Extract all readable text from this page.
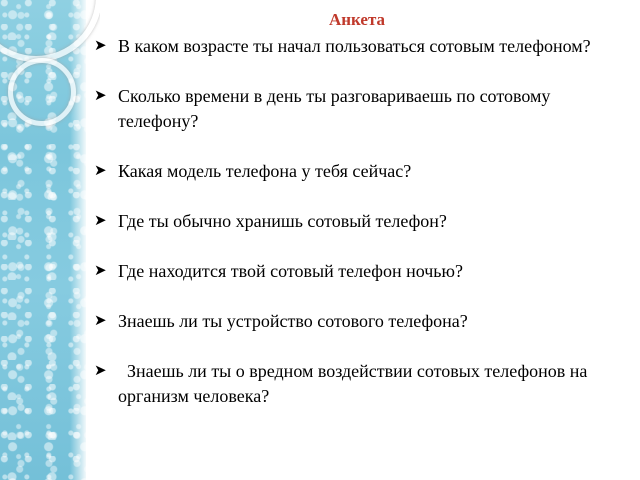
Анкета
➤ В каком возрасте ты начал пользоваться сотовым телефоном?
➤ Сколько времени в день ты разговариваешь по сотовому телефону?
➤ Какая модель телефона у тебя сейчас?
➤ Где ты обычно хранишь сотовый телефон?
➤ Где находится твой сотовый телефон ночью?
➤ Знаешь ли ты устройство сотового телефона?
➤ Знаешь ли ты о вредном воздействии сотовых телефонов на организм человека?
